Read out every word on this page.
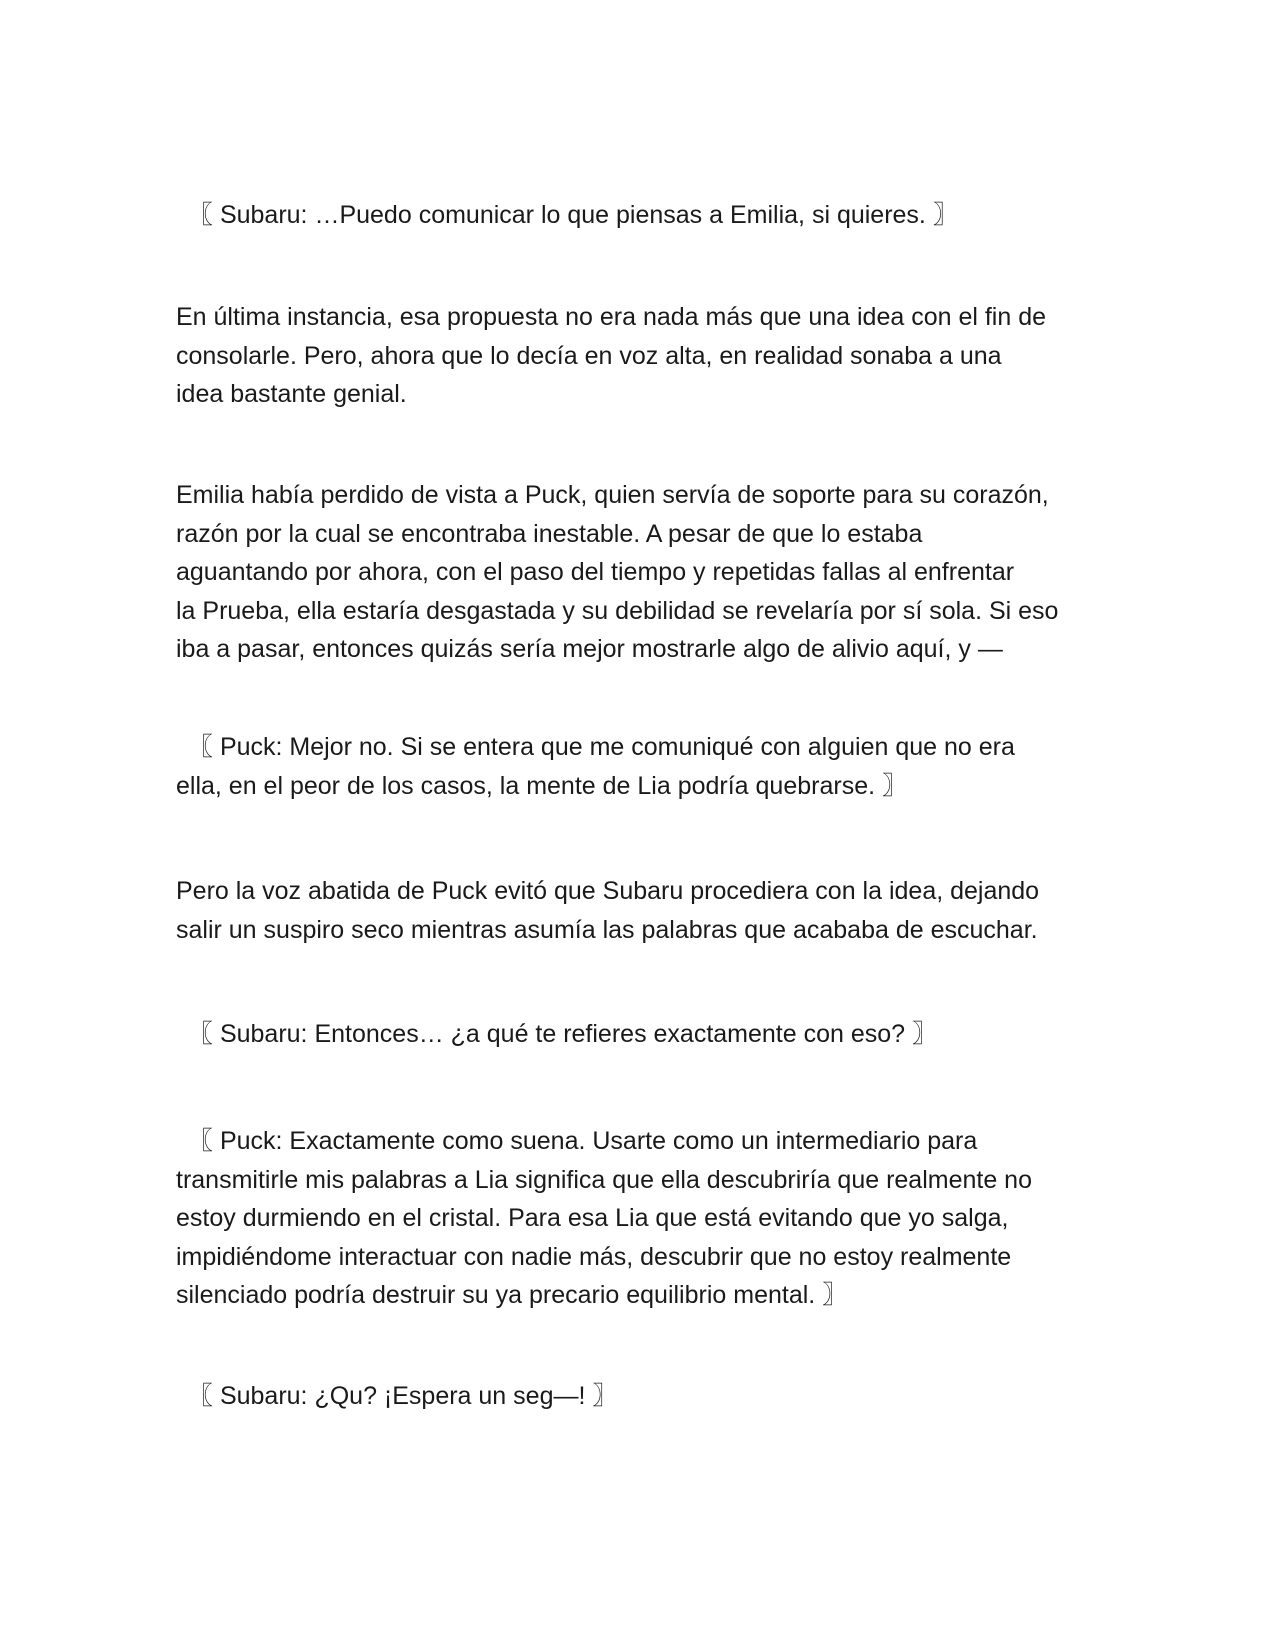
〖 Subaru: …Puedo comunicar lo que piensas a Emilia, si quieres. 〗

En última instancia, esa propuesta no era nada más que una idea con el fin de
consolarle. Pero, ahora que lo decía en voz alta, en realidad sonaba a una
idea bastante genial.

Emilia había perdido de vista a Puck, quien servía de soporte para su corazón,
razón por la cual se encontraba inestable. A pesar de que lo estaba
aguantando por ahora, con el paso del tiempo y repetidas fallas al enfrentar
la Prueba, ella estaría desgastada y su debilidad se revelaría por sí sola. Si eso
iba a pasar, entonces quizás sería mejor mostrarle algo de alivio aquí, y —

〖 Puck: Mejor no. Si se entera que me comuniqué con alguien que no era
ella, en el peor de los casos, la mente de Lia podría quebrarse. 〗

Pero la voz abatida de Puck evitó que Subaru procediera con la idea, dejando
salir un suspiro seco mientras asumía las palabras que acababa de escuchar.

〖 Subaru: Entonces… ¿a qué te refieres exactamente con eso? 〗

〖 Puck: Exactamente como suena. Usarte como un intermediario para
transmitirle mis palabras a Lia significa que ella descubriría que realmente no
estoy durmiendo en el cristal. Para esa Lia que está evitando que yo salga,
impidiéndome interactuar con nadie más, descubrir que no estoy realmente
silenciado podría destruir su ya precario equilibrio mental. 〗

〖 Subaru: ¿Qu? ¡Espera un seg—! 〗
